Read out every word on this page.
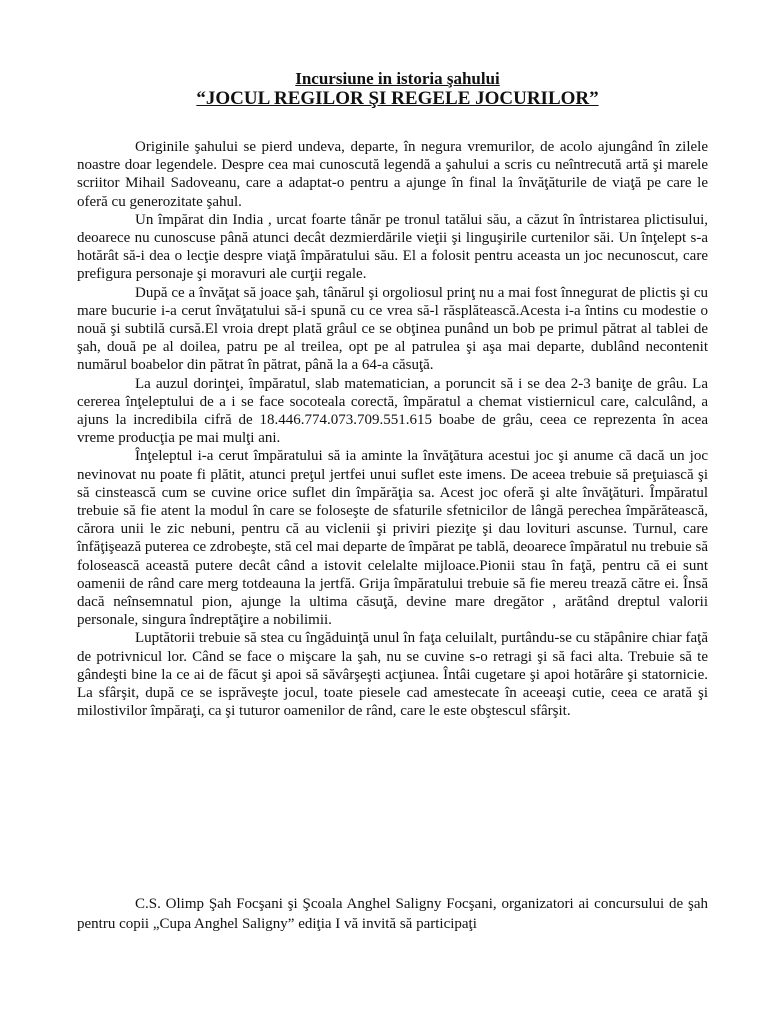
Incursiune in istoria şahului

“JOCUL REGILOR ŞI REGELE JOCURILOR”

Originile şahului se pierd undeva, departe, în negura vremurilor, de acolo ajungând în zilele noastre doar legendele. Despre cea mai cunoscută legendă a şahului a scris cu neîntrecută artă şi marele scriitor Mihail Sadoveanu, care a adaptat-o pentru a ajunge în final la învăţăturile de viaţă pe care le oferă cu generozitate şahul.

Un împărat din India , urcat foarte tânăr pe tronul tatălui său, a căzut în întristarea plictisului, deoarece nu cunoscuse până atunci decât dezmierdările vieţii şi linguşirile curtenilor săi. Un înţelept s-a hotărât să-i dea o lecţie despre viaţă împăratului său. El a folosit pentru aceasta un joc necunoscut, care prefigura personaje şi moravuri ale curţii regale.

După ce a învăţat să joace şah, tânărul şi orgoliosul prinţ nu a mai fost înnegurat de plictis şi cu mare bucurie i-a cerut învăţatului să-i spună cu ce vrea să-l răsplătească.Acesta i-a întins cu modestie o nouă şi subtilă cursă.El vroia drept plată grâul ce se obţinea punând un bob pe primul pătrat al tablei de şah, două pe al doilea, patru pe al treilea, opt pe al patrulea şi aşa mai departe, dublând necontenit numărul boabelor din pătrat în pătrat, până la a 64-a căsuţă.

La auzul dorinţei, împăratul, slab matematician, a poruncit să i se dea 2-3 baniţe de grâu. La cererea înţeleptului de a i se face socoteala corectă, împăratul a chemat vistiernicul care, calculând, a ajuns la incredibila cifră de 18.446.774.073.709.551.615 boabe de grâu, ceea ce reprezenta în acea vreme producţia pe mai mulţi ani.

Înţeleptul i-a cerut împăratului să ia aminte la învăţătura acestui joc şi anume că dacă un joc nevinovat nu poate fi plătit, atunci preţul jertfei unui suflet este imens. De aceea trebuie să preţuiască şi să cinstească cum se cuvine orice suflet din împărăţia sa. Acest joc oferă şi alte învăţături. Împăratul trebuie să fie atent la modul în care se foloseşte de sfaturile sfetnicilor de lângă perechea împărătească, cărora unii le zic nebuni, pentru că au viclenii şi priviri pieziţe şi dau lovituri ascunse. Turnul, care înfăţişează puterea ce zdrobeşte, stă cel mai departe de împărat pe tablă, deoarece împăratul nu trebuie să folosească această putere decât când a istovit celelalte mijloace.Pionii stau în faţă, pentru că ei sunt oamenii de rând care merg totdeauna la jertfă. Grija împăratului trebuie să fie mereu trează către ei. Însă dacă neînsemnatul pion, ajunge la ultima căsuţă, devine mare dregător , arătând dreptul valorii personale, singura îndreptăţire a nobilimii.

Luptătorii trebuie să stea cu îngăduinţă unul în faţa celuilalt, purtându-se cu stăpânire chiar faţă de potrivnicul lor. Când se face o mişcare la şah, nu se cuvine s-o retragi şi să faci alta. Trebuie să te gândeşti bine la ce ai de făcut şi apoi să săvârşeşti acţiunea. Întâi cugetare şi apoi hotărâre şi statornicie. La sfârşit, după ce se isprăveşte jocul, toate piesele cad amestecate în aceeaşi cutie, ceea ce arată şi milostivilor împăraţi, ca şi tuturor oamenilor de rând, care le este obştescul sfârşit.

C.S. Olimp Şah Focşani şi Şcoala Anghel Saligny Focşani, organizatori ai concursului de şah pentru copii „Cupa Anghel Saligny” ediţia I vă invită să participaţi
